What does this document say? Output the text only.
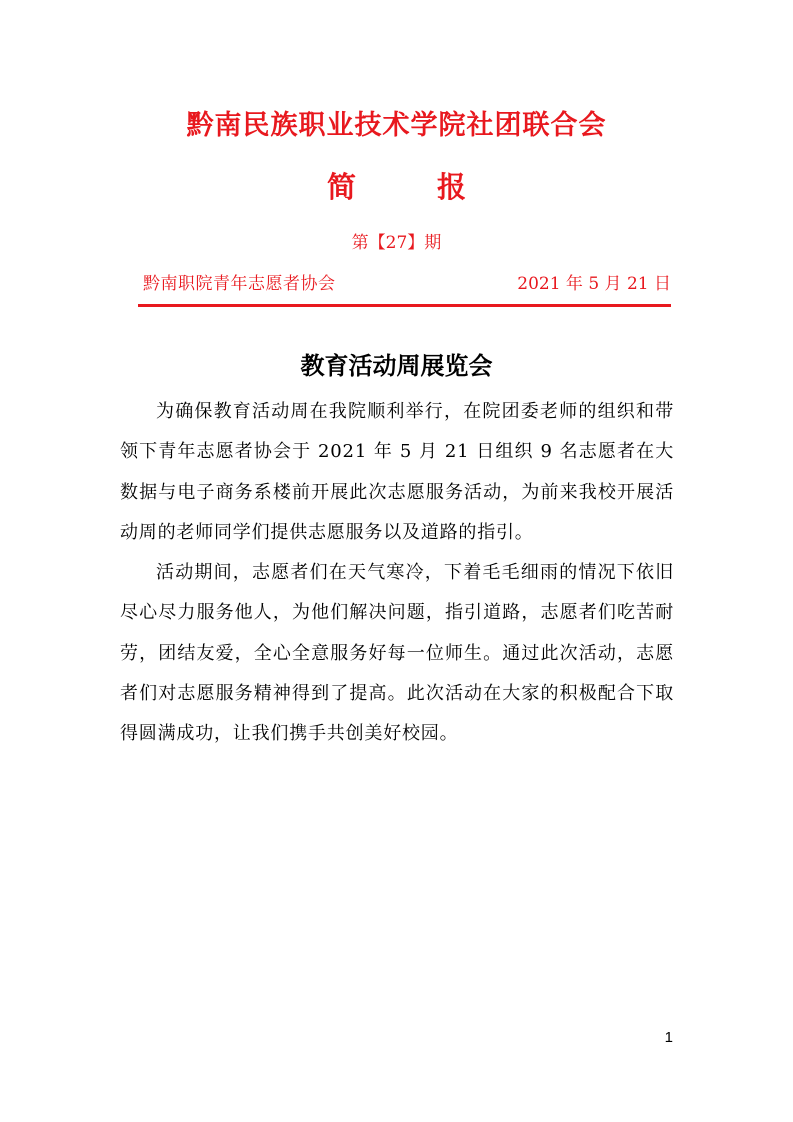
黔南民族职业技术学院社团联合会
简	报
第【27】期
黔南职院青年志愿者协会	2021 年 5 月 21 日
教育活动周展览会

为确保教育活动周在我院顺利举行，在院团委老师的组织和带领下青年志愿者协会于 2021 年 5 月 21 日组织 9 名志愿者在大数据与电子商务系楼前开展此次志愿服务活动，为前来我校开展活动周的老师同学们提供志愿服务以及道路的指引。

活动期间，志愿者们在天气寒冷，下着毛毛细雨的情况下依旧尽心尽力服务他人，为他们解决问题，指引道路，志愿者们吃苦耐劳，团结友爱，全心全意服务好每一位师生。通过此次活动，志愿者们对志愿服务精神得到了提高。此次活动在大家的积极配合下取得圆满成功，让我们携手共创美好校园。

1
